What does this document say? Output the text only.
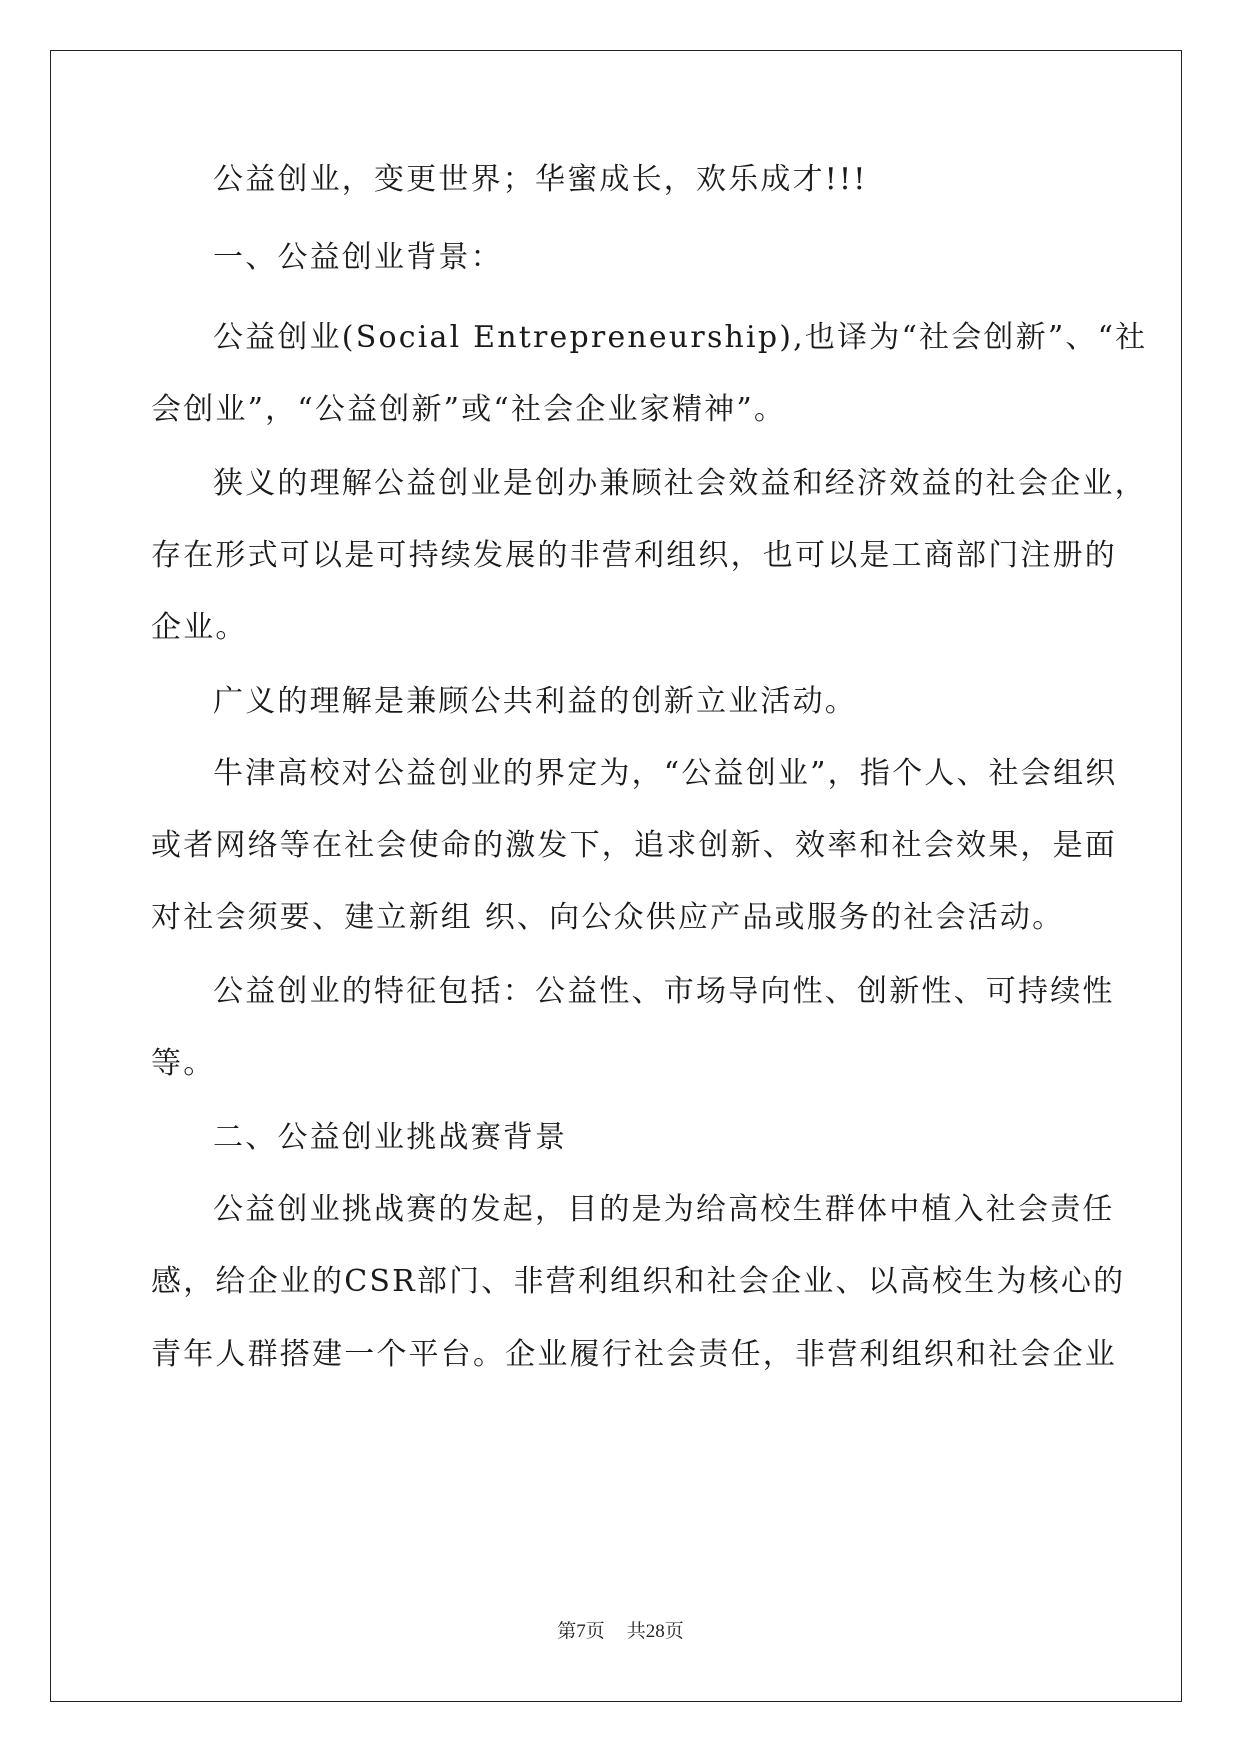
公益创业，变更世界；华蜜成长，欢乐成才!!!
一、公益创业背景：
公益创业(Social Entrepreneurship),也译为“社会创新”、“社
会创业”，“公益创新”或“社会企业家精神”。
狭义的理解公益创业是创办兼顾社会效益和经济效益的社会企业，
存在形式可以是可持续发展的非营利组织，也可以是工商部门注册的
企业。
广义的理解是兼顾公共利益的创新立业活动。
牛津高校对公益创业的界定为，“公益创业”，指个人、社会组织
或者网络等在社会使命的激发下，追求创新、效率和社会效果，是面
对社会须要、建立新组 织、向公众供应产品或服务的社会活动。
公益创业的特征包括：公益性、市场导向性、创新性、可持续性
等。
二、公益创业挑战赛背景
公益创业挑战赛的发起，目的是为给高校生群体中植入社会责任
感，给企业的CSR部门、非营利组织和社会企业、以高校生为核心的
青年人群搭建一个平台。企业履行社会责任，非营利组织和社会企业
第7页 共28页
